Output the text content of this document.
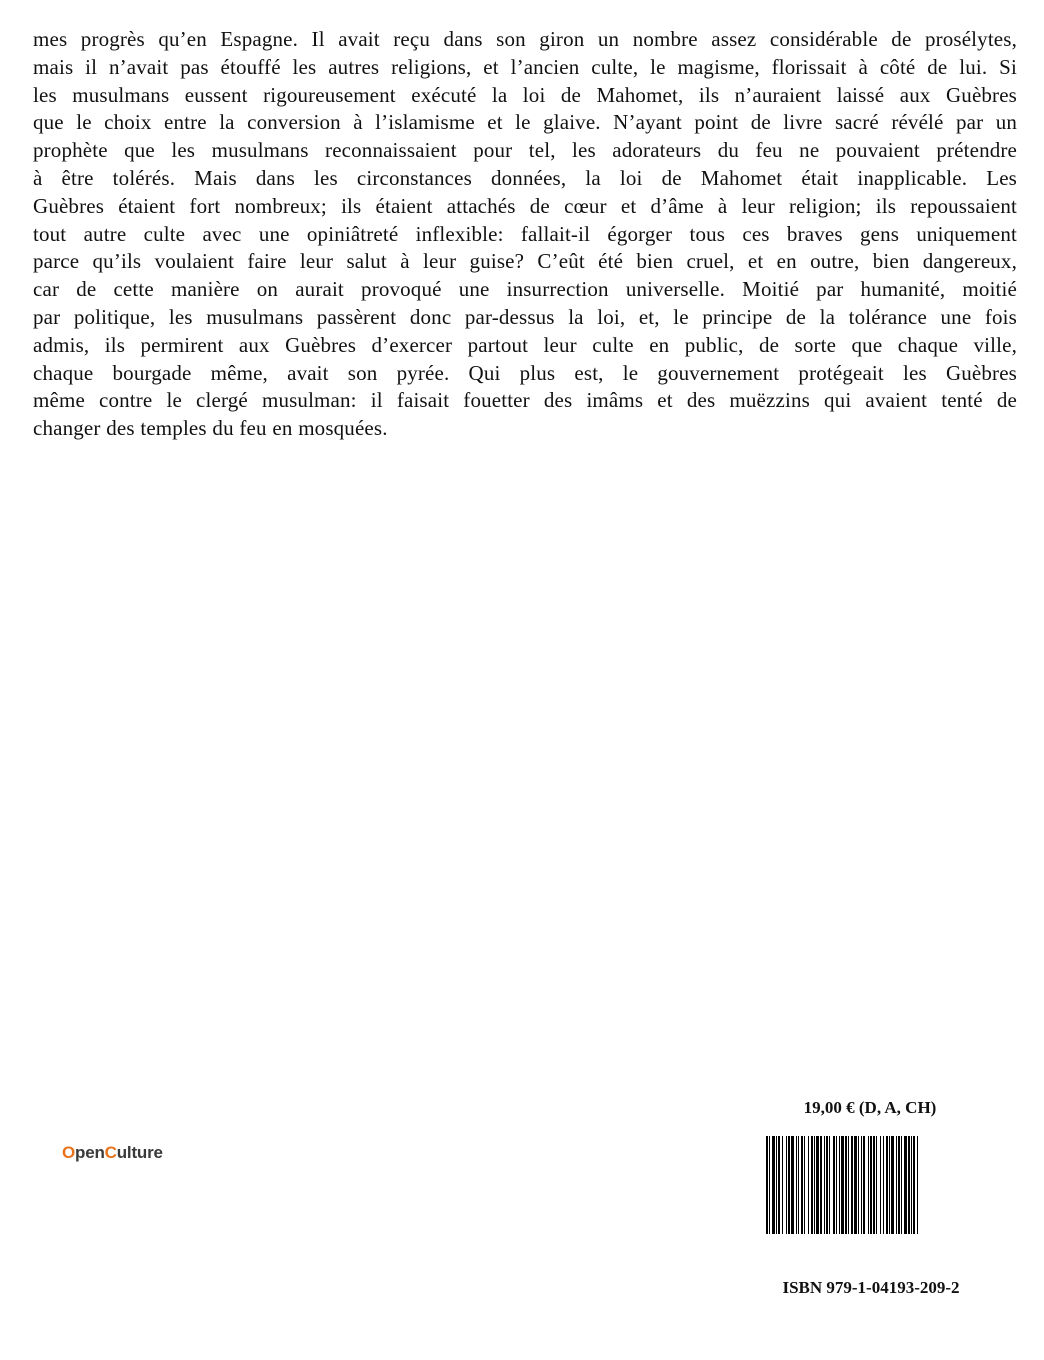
mes progrès qu’en Espagne. Il avait reçu dans son giron un nombre assez considérable de prosélytes,
mais il n’avait pas étouffé les autres religions, et l’ancien culte, le magisme, florissait à côté de lui. Si
les musulmans eussent rigoureusement exécuté la loi de Mahomet, ils n’auraient laissé aux Guèbres
que le choix entre la conversion à l’islamisme et le glaive. N’ayant point de livre sacré révélé par un
prophète que les musulmans reconnaissaient pour tel, les adorateurs du feu ne pouvaient prétendre
à être tolérés. Mais dans les circonstances données, la loi de Mahomet était inapplicable. Les
Guèbres étaient fort nombreux; ils étaient attachés de cœur et d’âme à leur religion; ils repoussaient
tout autre culte avec une opiniâtreté inflexible: fallait-il égorger tous ces braves gens uniquement
parce qu’ils voulaient faire leur salut à leur guise? C’eût été bien cruel, et en outre, bien dangereux,
car de cette manière on aurait provoqué une insurrection universelle. Moitié par humanité, moitié
par politique, les musulmans passèrent donc par-dessus la loi, et, le principe de la tolérance une fois
admis, ils permirent aux Guèbres d’exercer partout leur culte en public, de sorte que chaque ville,
chaque bourgade même, avait son pyrée. Qui plus est, le gouvernement protégeait les Guèbres
même contre le clergé musulman: il faisait fouetter des imâms et des muëzzins qui avaient tenté de
changer des temples du feu en mosquées.
OpenCulture
19,00 € (D, A, CH)
ISBN 979-1-04193-209-2
